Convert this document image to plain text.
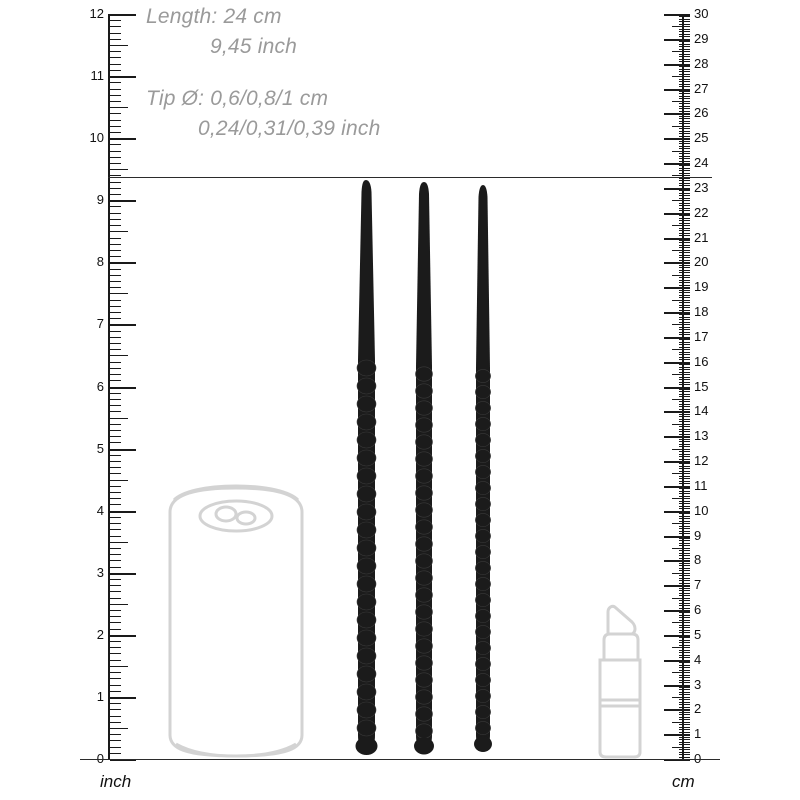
Length: 24 cm
9,45 inch
Tip Ø: 0,6/0,8/1 cm
0,24/0,31/0,39 inch
1
2
3
4
5
6
7
8
9
10
11
12
1
2
3
4
5
6
7
8
9
10
11
12
13
14
15
16
17
18
19
20
21
22
23
24
25
26
27
28
29
30
inch	cm
